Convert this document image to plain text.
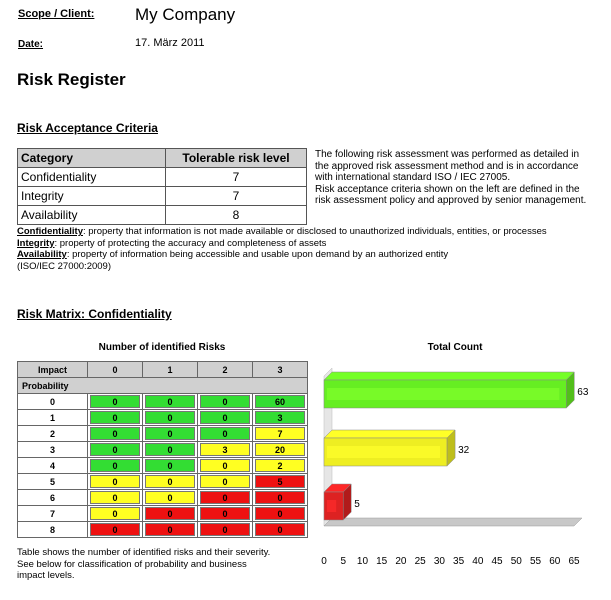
Scope / Client: My Company
Date:	17. März 2011
Risk Register
Risk Acceptance Criteria
Category	Tolerable risk level
Confidentiality	7
Integrity	7
Availability	8
The following risk assessment was performed as detailed in
the approved risk assessment method and is in accordance
with international standard ISO / IEC 27005.
Risk acceptance criteria shown on the left are defined in the
risk assessment policy and approved by senior management.
Confidentiality: property that information is not made available or disclosed to unauthorized individuals, entities, or processes
Integrity: property of protecting the accuracy and completeness of assets
Availability: property of information being accessible and usable upon demand by an authorized entity
(ISO/IEC 27000:2009)
Risk Matrix: Confidentiality
Number of identified Risks
Impact	0	1	2	3
Probability				
0	0	0	0	60

1	0	0	0	3

2	0	0	0	7

3	0	0	3	20

4	0	0	0	2

5	0	0	0	5

6	0	0	0	0

7	0	0	0	0

8	0	0	0	0
Table shows the number of identified risks and their severity.
See below for classification of probability and business
impact levels.
Total Count
63
32
5
0 5 10 15 20 25 30 35 40 45 50 55 60 65
